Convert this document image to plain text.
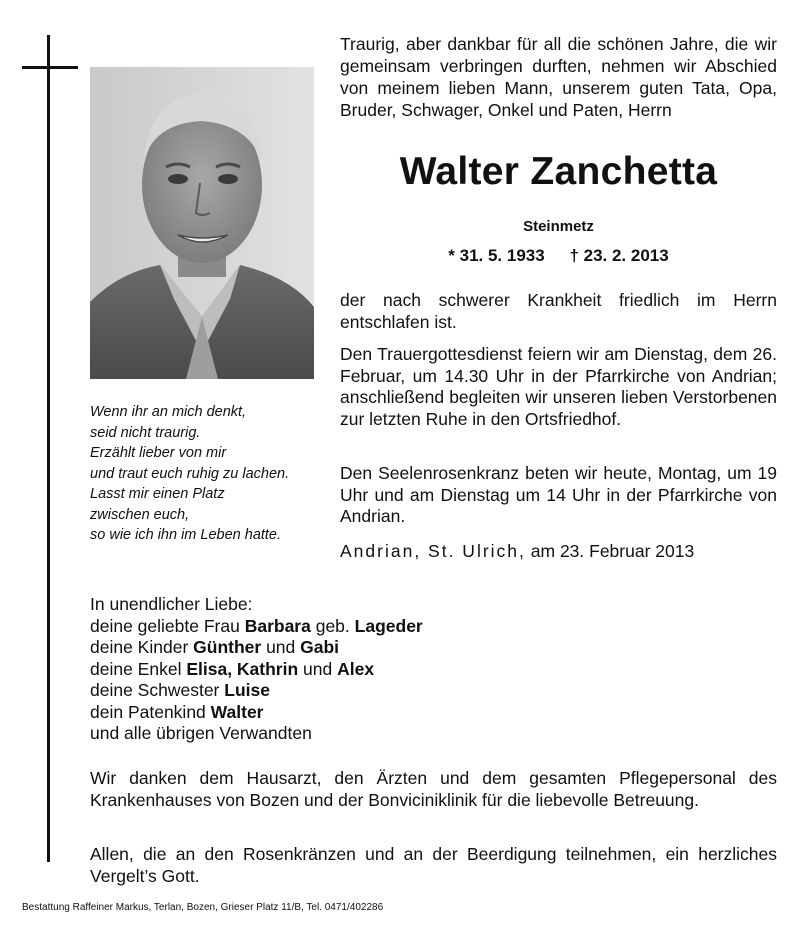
Traurig, aber dankbar für all die schönen Jahre, die wir gemeinsam verbringen durften, nehmen wir Abschied von meinem lieben Mann, unserem guten Tata, Opa, Bruder, Schwager, Onkel und Paten, Herrn
Walter Zanchetta
Steinmetz
* 31. 5. 1933 † 23. 2. 2013

der nach schwerer Krankheit friedlich im Herrn entschlafen ist.

Den Trauergottesdienst feiern wir am Dienstag, dem 26. Februar, um 14.30 Uhr in der Pfarrkirche von Andrian; anschließend begleiten wir unseren lieben Verstorbenen zur letzten Ruhe in den Ortsfriedhof.

Den Seelenrosenkranz beten wir heute, Montag, um 19 Uhr und am Dienstag um 14 Uhr in der Pfarrkirche von Andrian.

Andrian, St. Ulrich, am 23. Februar 2013
Wenn ihr an mich denkt,
seid nicht traurig.
Erzählt lieber von mir
und traut euch ruhig zu lachen.
Lasst mir einen Platz
zwischen euch,
so wie ich ihn im Leben hatte.
In unendlicher Liebe:
deine geliebte Frau Barbara geb. Lageder
deine Kinder Günther und Gabi
deine Enkel Elisa, Kathrin und Alex
deine Schwester Luise
dein Patenkind Walter
und alle übrigen Verwandten
Wir danken dem Hausarzt, den Ärzten und dem gesamten Pflegepersonal des Krankenhauses von Bozen und der Bonviciniklinik für die liebevolle Betreuung.
Allen, die an den Rosenkränzen und an der Beerdigung teilnehmen, ein herzliches Vergelt’s Gott.
Bestattung Raffeiner Markus, Terlan, Bozen, Grieser Platz 11/B, Tel. 0471/402286
